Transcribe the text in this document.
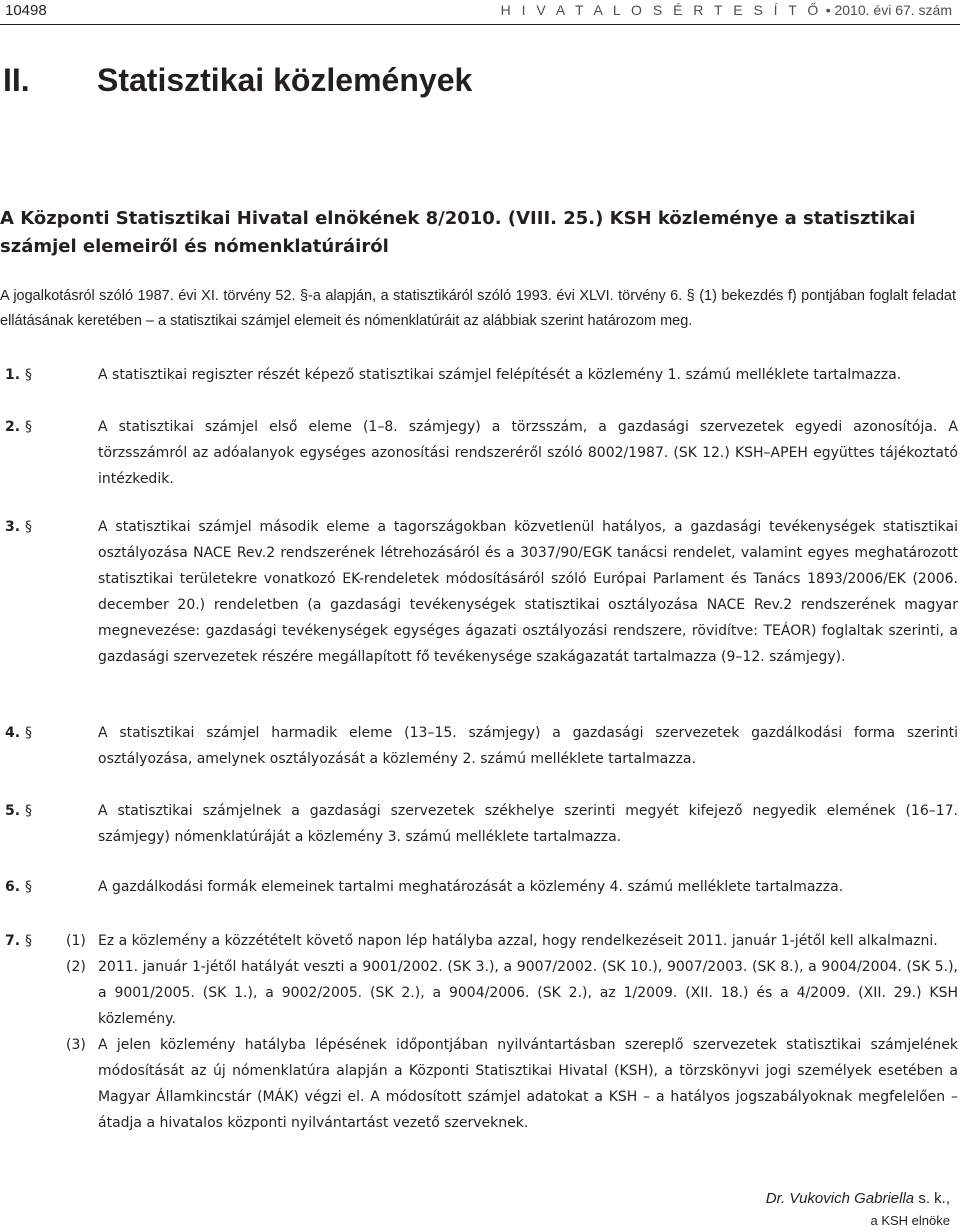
10498	H I V A T A L O S É R T E S Í T Ő • 2010. évi 67. szám
II. Statisztikai közlemények
A Központi Statisztikai Hivatal elnökének 8/2010. (VIII. 25.) KSH közleménye a statisztikai számjel elemeiről és nómenklatúráiról
A jogalkotásról szóló 1987. évi XI. törvény 52. §-a alapján, a statisztikáról szóló 1993. évi XLVI. törvény 6. § (1) bekezdés f) pontjában foglalt feladat ellátásának keretében – a statisztikai számjel elemeit és nómenklatúráit az alábbiak szerint határozom meg.
1. §	A statisztikai regiszter részét képező statisztikai számjel felépítését a közlemény 1. számú melléklete tartalmazza.
2. §	A statisztikai számjel első eleme (1–8. számjegy) a törzsszám, a gazdasági szervezetek egyedi azonosítója. A törzsszámról az adóalanyok egységes azonosítási rendszeréről szóló 8002/1987. (SK 12.) KSH–APEH együttes tájékoztató intézkedik.
3. §	A statisztikai számjel második eleme a tagországokban közvetlenül hatályos, a gazdasági tevékenységek statisztikai osztályozása NACE Rev.2 rendszerének létrehozásáról és a 3037/90/EGK tanácsi rendelet, valamint egyes meghatározott statisztikai területekre vonatkozó EK-rendeletek módosításáról szóló Európai Parlament és Tanács 1893/2006/EK (2006. december 20.) rendeletben (a gazdasági tevékenységek statisztikai osztályozása NACE Rev.2 rendszerének magyar megnevezése: gazdasági tevékenységek egységes ágazati osztályozási rendszere, rövidítve: TEÁOR) foglaltak szerinti, a gazdasági szervezetek részére megállapított fő tevékenysége szakágazatát tartalmazza (9–12. számjegy).
4. §	A statisztikai számjel harmadik eleme (13–15. számjegy) a gazdasági szervezetek gazdálkodási forma szerinti osztályozása, amelynek osztályozását a közlemény 2. számú melléklete tartalmazza.
5. §	A statisztikai számjelnek a gazdasági szervezetek székhelye szerinti megyét kifejező negyedik elemének (16–17. számjegy) nómenklatúráját a közlemény 3. számú melléklete tartalmazza.
6. §	A gazdálkodási formák elemeinek tartalmi meghatározását a közlemény 4. számú melléklete tartalmazza.
7. § (1) Ez a közlemény a közzétételt követő napon lép hatályba azzal, hogy rendelkezéseit 2011. január 1-jétől kell alkalmazni.
(2) 2011. január 1-jétől hatályát veszti a 9001/2002. (SK 3.), a 9007/2002. (SK 10.), 9007/2003. (SK 8.), a 9004/2004. (SK 5.), a 9001/2005. (SK 1.), a 9002/2005. (SK 2.), a 9004/2006. (SK 2.), az 1/2009. (XII. 18.) és a 4/2009. (XII. 29.) KSH közlemény.
(3) A jelen közlemény hatályba lépésének időpontjában nyilvántartásban szereplő szervezetek statisztikai számjelének módosítását az új nómenklatúra alapján a Központi Statisztikai Hivatal (KSH), a törzskönyvi jogi személyek esetében a Magyar Államkincstár (MÁK) végzi el. A módosított számjel adatokat a KSH – a hatályos jogszabályoknak megfelelően – átadja a hivatalos központi nyilvántartást vezető szerveknek.
Dr. Vukovich Gabriella s. k.,
a KSH elnöke
